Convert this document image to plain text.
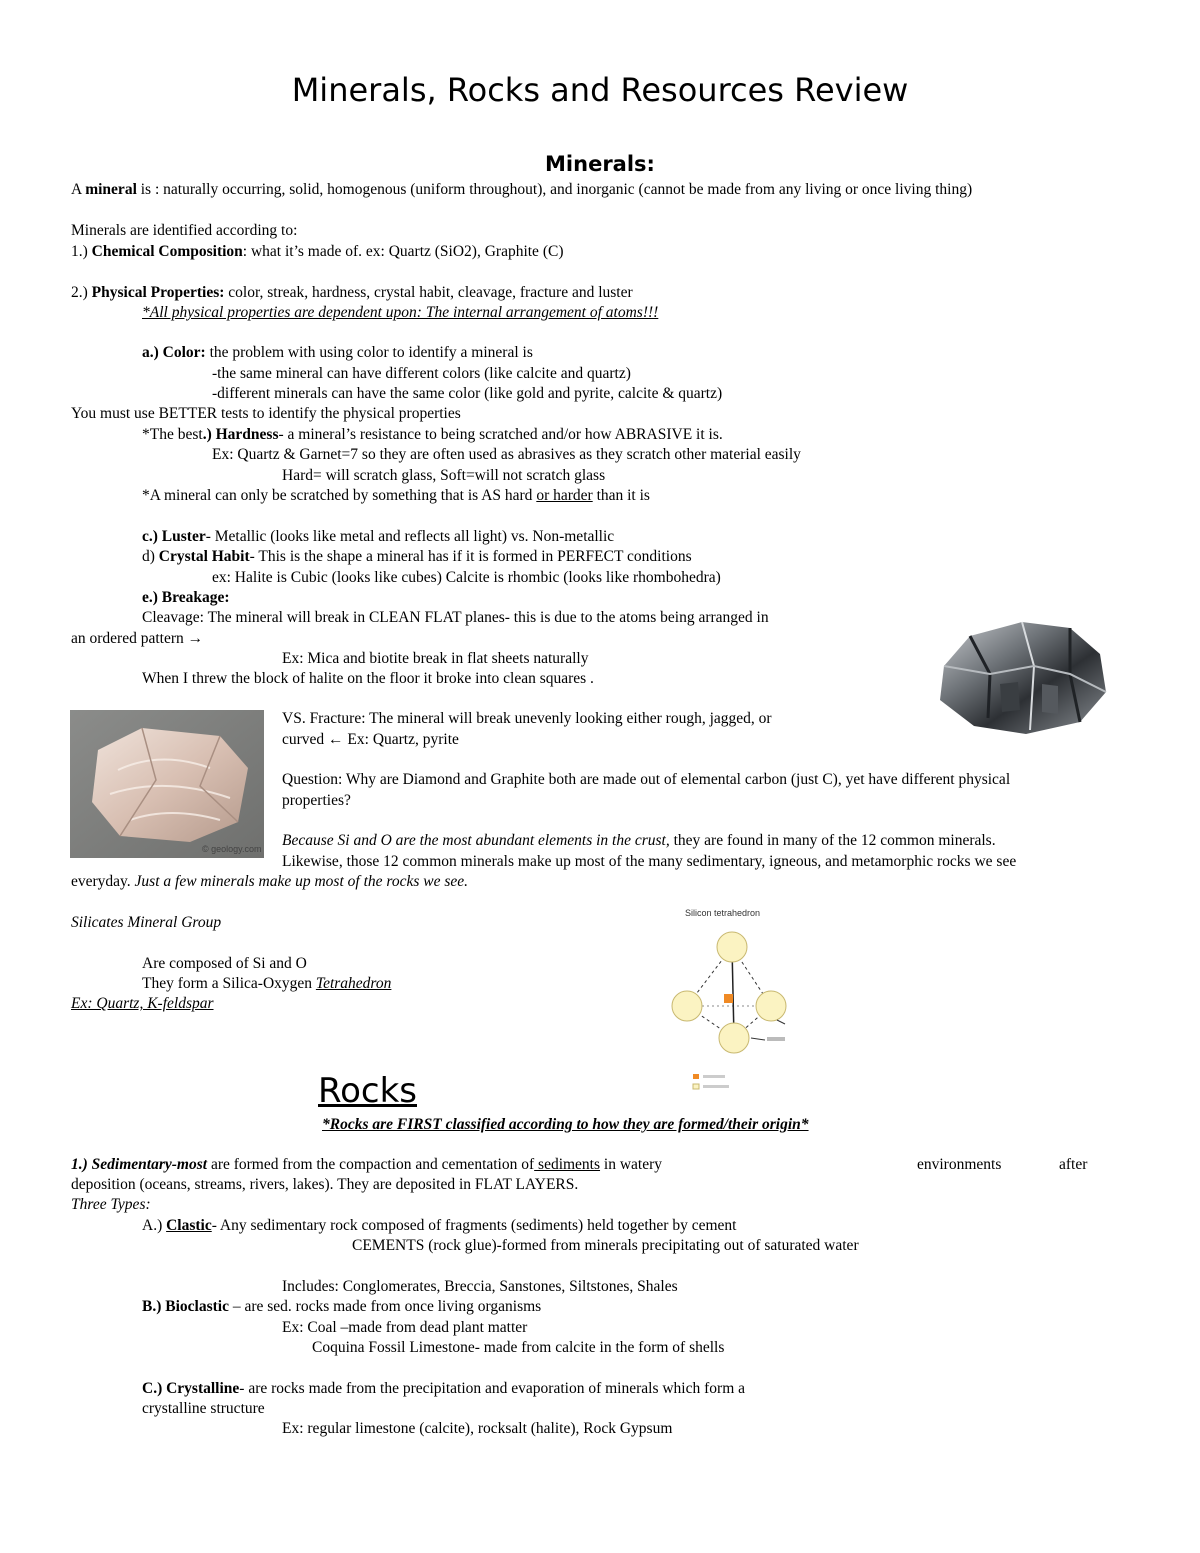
Minerals, Rocks and Resources Review
Minerals:
A mineral is : naturally occurring, solid, homogenous (uniform throughout), and inorganic (cannot be made from any living or once living thing)
Minerals are identified according to:
1.) Chemical Composition: what it’s made of. ex: Quartz (SiO2), Graphite (C)
2.) Physical Properties: color, streak, hardness, crystal habit, cleavage, fracture and luster
*All physical properties are dependent upon: The internal arrangement of atoms!!!
a.) Color: the problem with using color to identify a mineral is
-the same mineral can have different colors (like calcite and quartz)
-different minerals can have the same color (like gold and pyrite, calcite & quartz)
You must use BETTER tests to identify the physical properties
*The best.) Hardness- a mineral’s resistance to being scratched and/or how ABRASIVE it is.
Ex: Quartz & Garnet=7 so they are often used as abrasives as they scratch other material easily
Hard= will scratch glass, Soft=will not scratch glass
*A mineral can only be scratched by something that is AS hard or harder than it is
c.) Luster- Metallic (looks like metal and reflects all light) vs. Non-metallic
d) Crystal Habit- This is the shape a mineral has if it is formed in PERFECT conditions
ex: Halite is Cubic (looks like cubes) Calcite is rhombic (looks like rhombohedra)
e.) Breakage:
Cleavage: The mineral will break in CLEAN FLAT planes- this is due to the atoms being arranged in
an ordered pattern →
Ex: Mica and biotite break in flat sheets naturally
When I threw the block of halite on the floor it broke into clean squares .
© geology.com
VS. Fracture: The mineral will break unevenly looking either rough, jagged, or
curved ← Ex: Quartz, pyrite
Question: Why are Diamond and Graphite both are made out of elemental carbon (just C), yet have different physical
properties?
Because Si and O are the most abundant elements in the crust, they are found in many of the 12 common minerals.
Likewise, those 12 common minerals make up most of the many sedimentary, igneous, and metamorphic rocks we see
everyday. Just a few minerals make up most of the rocks we see.
Silicates Mineral Group
Are composed of Si and O
They form a Silica-Oxygen Tetrahedron
Ex: Quartz, K-feldspar
Silicon tetrahedron
Rocks
*Rocks are FIRST classified according to how they are formed/their origin*
1.) Sedimentary-most are formed from the compaction and cementation of sediments in watery	environments	after
deposition (oceans, streams, rivers, lakes). They are deposited in FLAT LAYERS.
Three Types:
A.) Clastic- Any sedimentary rock composed of fragments (sediments) held together by cement
CEMENTS (rock glue)-formed from minerals precipitating out of saturated water
Includes: Conglomerates, Breccia, Sanstones, Siltstones, Shales
B.) Bioclastic – are sed. rocks made from once living organisms
Ex: Coal –made from dead plant matter
Coquina Fossil Limestone- made from calcite in the form of shells
C.) Crystalline- are rocks made from the precipitation and evaporation of minerals which form a
crystalline structure
Ex: regular limestone (calcite), rocksalt (halite), Rock Gypsum
